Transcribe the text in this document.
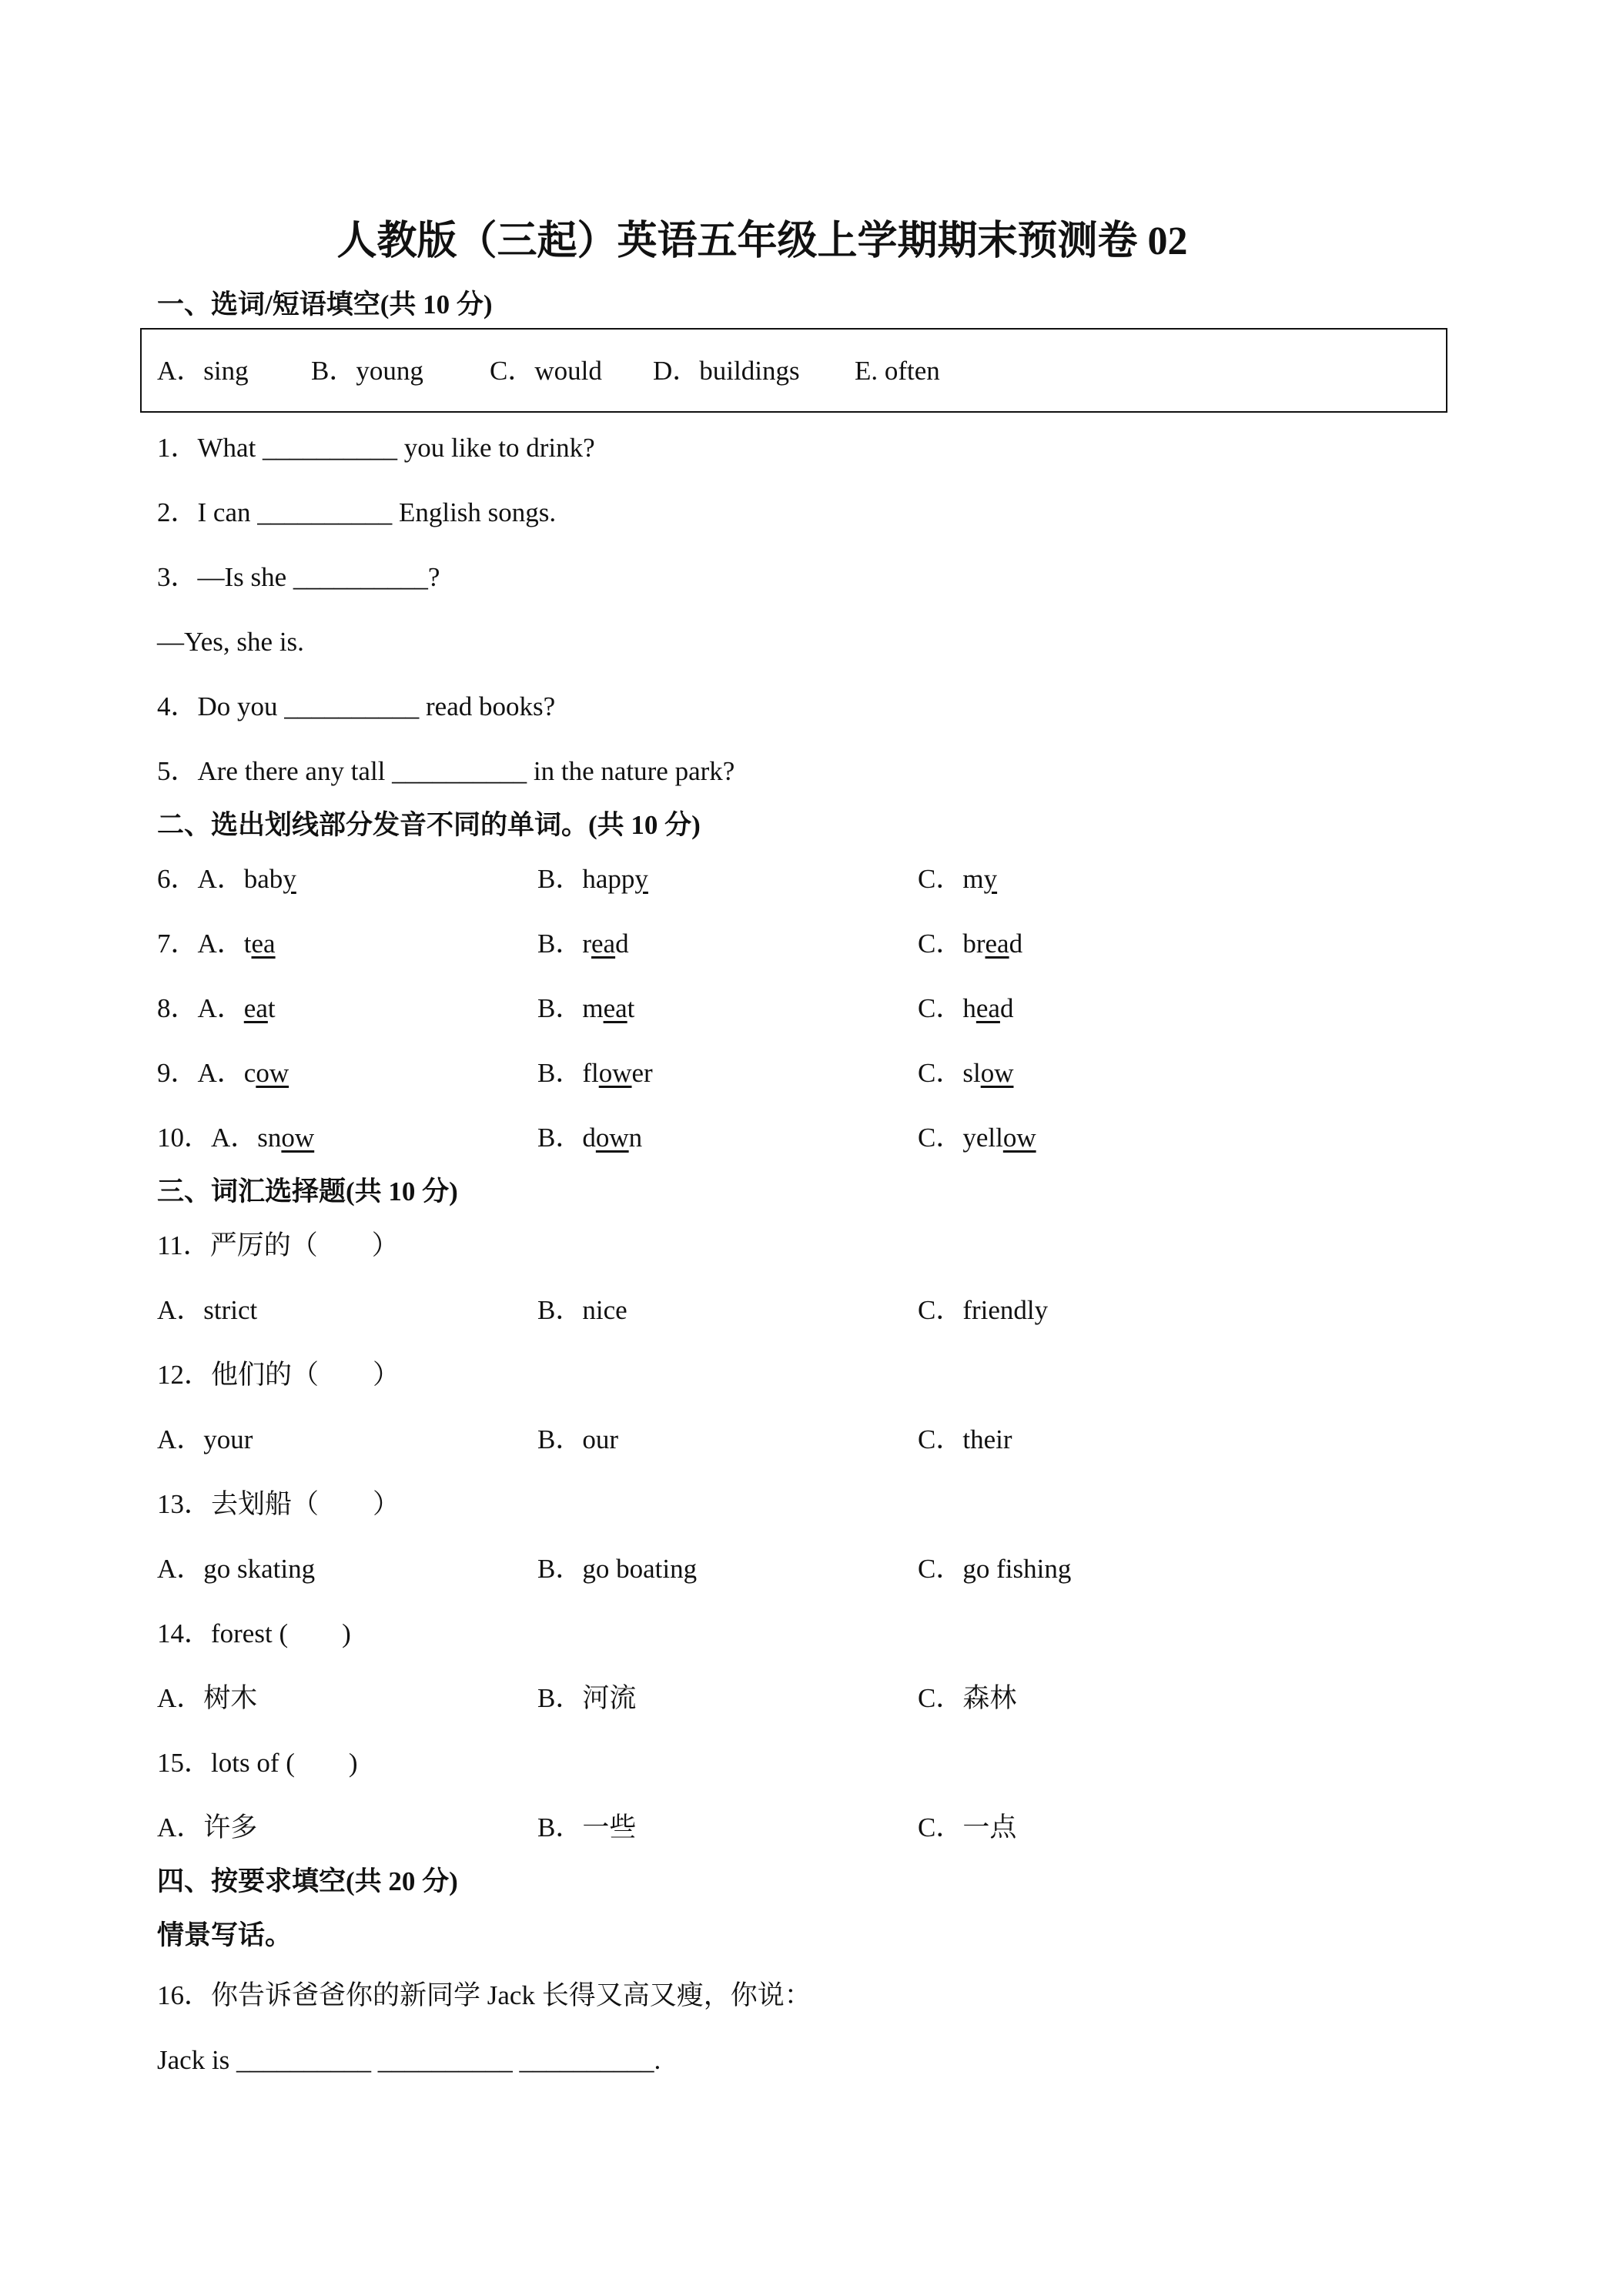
人教版（三起）英语五年级上学期期末预测卷 02
一、选词/短语填空(共 10 分)
A．sing B．young C．would D．buildings E. often
1．What __________ you like to drink?
2．I can __________ English songs.
3．—Is she __________?
—Yes, she is.
4．Do you __________ read books?
5．Are there any tall __________ in the nature park?
二、选出划线部分发音不同的单词。(共 10 分)
6．A．baby	B．happy	C．my
7．A．tea	B．read	C．bread
8．A．eat	B．meat	C．head
9．A．cow	B．flower	C．slow
10．A．snow	B．down	C．yellow
三、词汇选择题(共 10 分)
11．严厉的（　　）
A．strict	B．nice	C．friendly
12．他们的（　　）
A．your	B．our	C．their
13．去划船（　　）
A．go skating	B．go boating	C．go fishing
14．forest (　　)
A．树木	B．河流	C．森林
15．lots of (　　)
A．许多	B．一些	C．一点
四、按要求填空(共 20 分)
情景写话。
16．你告诉爸爸你的新同学 Jack 长得又高又瘦，你说：
Jack is __________ __________ __________.
